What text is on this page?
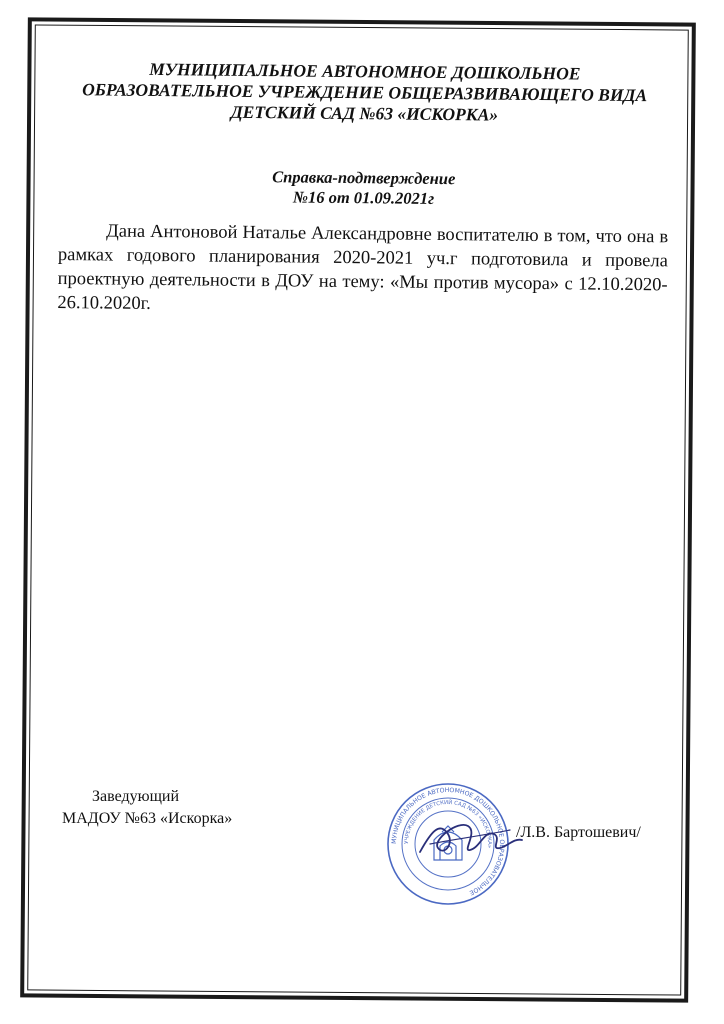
МУНИЦИПАЛЬНОЕ АВТОНОМНОЕ ДОШКОЛЬНОЕ
ОБРАЗОВАТЕЛЬНОЕ УЧРЕЖДЕНИЕ ОБЩЕРАЗВИВАЮЩЕГО ВИДА
ДЕТСКИЙ САД №63 «ИСКОРКА»
Справка-подтверждение
№16 от 01.09.2021г
Дана Антоновой Наталье Александровне воспитателю в том, что она в рамках годового планирования 2020-2021 уч.г подготовила и провела проектную деятельности в ДОУ на тему: «Мы против мусора» с 12.10.2020-26.10.2020г.
Заведующий
МАДОУ №63 «Искорка»
МУНИЦИПАЛЬНОЕ АВТОНОМНОЕ ДОШКОЛЬНОЕ ОБРАЗОВАТЕЛЬНОЕ
УЧРЕЖДЕНИЕ ДЕТСКИЙ САД №63 «ИСКОРКА»
/Л.В. Бартошевич/
